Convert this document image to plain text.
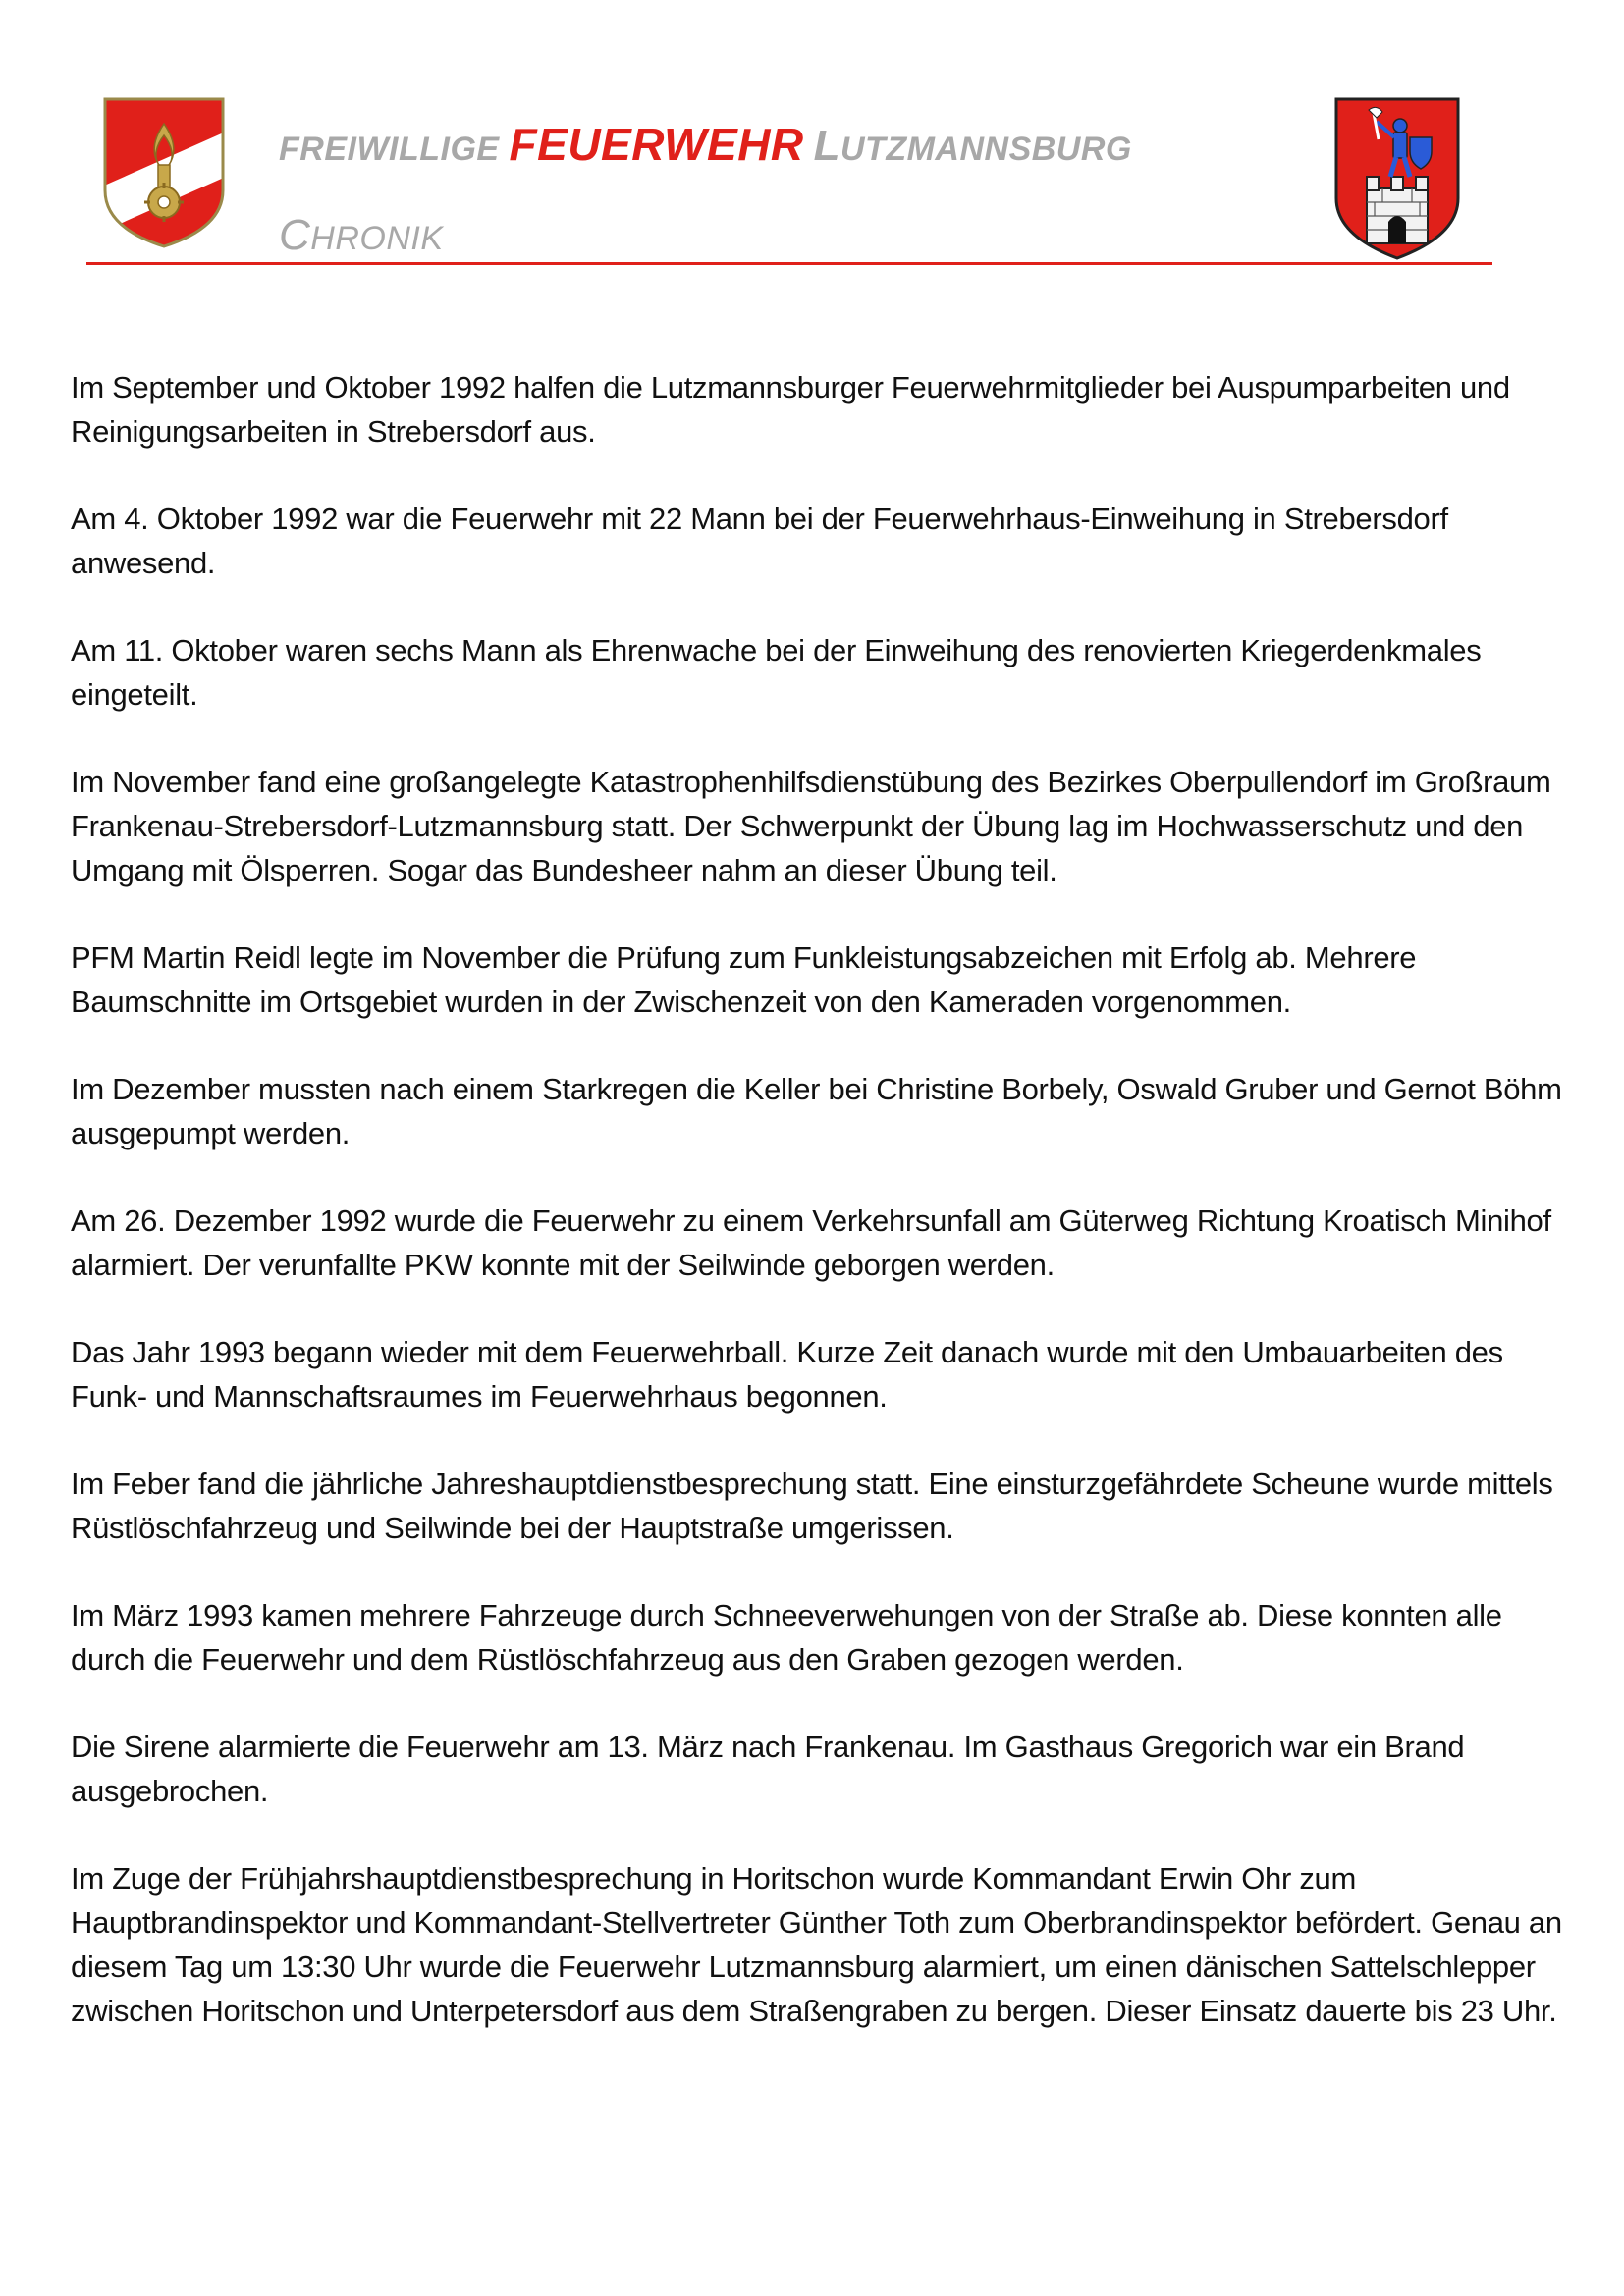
FREIWILLIGE FEUERWEHR LUTZMANNSBURG
CHRONIK

Im September und Oktober 1992 halfen die Lutzmannsburger Feuerwehrmitglieder bei Auspumparbeiten und Reinigungsarbeiten in Strebersdorf aus.

Am 4. Oktober 1992 war die Feuerwehr mit 22 Mann bei der Feuerwehrhaus-Einweihung in Strebersdorf anwesend.

Am 11. Oktober waren sechs Mann als Ehrenwache bei der Einweihung des renovierten Kriegerdenkmales eingeteilt.

Im November fand eine großangelegte Katastrophenhilfsdienstübung des Bezirkes Oberpullendorf im Großraum Frankenau-Strebersdorf-Lutzmannsburg statt. Der Schwerpunkt der Übung lag im Hochwasserschutz und den Umgang mit Ölsperren. Sogar das Bundesheer nahm an dieser Übung teil.

PFM Martin Reidl legte im November die Prüfung zum Funkleistungsabzeichen mit Erfolg ab. Mehrere Baumschnitte im Ortsgebiet wurden in der Zwischenzeit von den Kameraden vorgenommen.

Im Dezember mussten nach einem Starkregen die Keller bei Christine Borbely, Oswald Gruber und Gernot Böhm ausgepumpt werden.

Am 26. Dezember 1992 wurde die Feuerwehr zu einem Verkehrsunfall am Güterweg Richtung Kroatisch Minihof alarmiert. Der verunfallte PKW konnte mit der Seilwinde geborgen werden.

Das Jahr 1993 begann wieder mit dem Feuerwehrball. Kurze Zeit danach wurde mit den Umbauarbeiten des Funk- und Mannschaftsraumes im Feuerwehrhaus begonnen.

Im Feber fand die jährliche Jahreshauptdienstbesprechung statt. Eine einsturzgefährdete Scheune wurde mittels Rüstlöschfahrzeug und Seilwinde bei der Hauptstraße umgerissen.

Im März 1993 kamen mehrere Fahrzeuge durch Schneeverwehungen von der Straße ab. Diese konnten alle durch die Feuerwehr und dem Rüstlöschfahrzeug aus den Graben gezogen werden.

Die Sirene alarmierte die Feuerwehr am 13. März nach Frankenau. Im Gasthaus Gregorich war ein Brand ausgebrochen.

Im Zuge der Frühjahrshauptdienstbesprechung in Horitschon wurde Kommandant Erwin Ohr zum Hauptbrandinspektor und Kommandant-Stellvertreter Günther Toth zum Oberbrandinspektor befördert. Genau an diesem Tag um 13:30 Uhr wurde die Feuerwehr Lutzmannsburg alarmiert, um einen dänischen Sattelschlepper zwischen Horitschon und Unterpetersdorf aus dem Straßengraben zu bergen. Dieser Einsatz dauerte bis 23 Uhr.
